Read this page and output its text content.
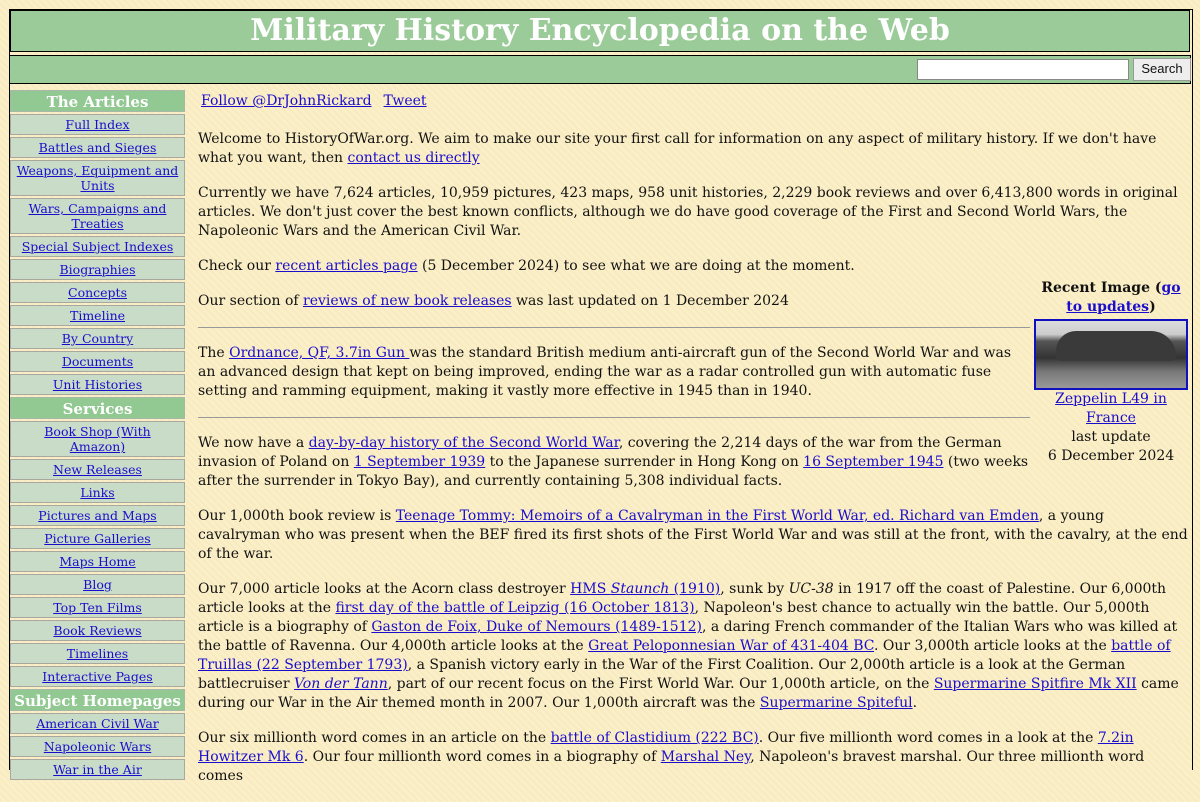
Military History Encyclopedia on the Web
Search
The Articles
Full Index
Battles and Sieges
Weapons, Equipment and Units
Wars, Campaigns and Treaties
Special Subject Indexes
Biographies
Concepts
Timeline
By Country
Documents
Unit Histories
Services
Book Shop (With Amazon)
New Releases
Links
Pictures and Maps
Picture Galleries
Maps Home
Blog
Top Ten Films
Book Reviews
Timelines
Interactive Pages
Subject Homepages
American Civil War
Napoleonic Wars
War in the Air

Follow @DrJohnRickard Tweet

Welcome to HistoryOfWar.org. We aim to make our site your first call for information on any aspect of military history. If we don't have what you want, then contact us directly

Currently we have 7,624 articles, 10,959 pictures, 423 maps, 958 unit histories, 2,229 book reviews and over 6,413,800 words in original articles. We don't just cover the best known conflicts, although we do have good coverage of the First and Second World Wars, the Napoleonic Wars and the American Civil War.

Check our recent articles page (5 December 2024) to see what we are doing at the moment.

Our section of reviews of new book releases was last updated on 1 December 2024

The Ordnance, QF, 3.7in Gun was the standard British medium anti-aircraft gun of the Second World War and was an advanced design that kept on being improved, ending the war as a radar controlled gun with automatic fuse setting and ramming equipment, making it vastly more effective in 1945 than in 1940.

We now have a day-by-day history of the Second World War, covering the 2,214 days of the war from the German invasion of Poland on 1 September 1939 to the Japanese surrender in Hong Kong on 16 September 1945 (two weeks after the surrender in Tokyo Bay), and currently containing 5,308 individual facts.

Our 1,000th book review is Teenage Tommy: Memoirs of a Cavalryman in the First World War, ed. Richard van Emden, a young cavalryman who was present when the BEF fired its first shots of the First World War and was still at the front, with the cavalry, at the end of the war.

Our 7,000 article looks at the Acorn class destroyer HMS Staunch (1910), sunk by UC-38 in 1917 off the coast of Palestine. Our 6,000th article looks at the first day of the battle of Leipzig (16 October 1813), Napoleon's best chance to actually win the battle. Our 5,000th article is a biography of Gaston de Foix, Duke of Nemours (1489-1512), a daring French commander of the Italian Wars who was killed at the battle of Ravenna. Our 4,000th article looks at the Great Peloponnesian War of 431-404 BC. Our 3,000th article looks at the battle of Truillas (22 September 1793), a Spanish victory early in the War of the First Coalition. Our 2,000th article is a look at the German battlecruiser Von der Tann, part of our recent focus on the First World War. Our 1,000th article, on the Supermarine Spitfire Mk XII came during our War in the Air themed month in 2007. Our 1,000th aircraft was the Supermarine Spiteful.

Our six millionth word comes in an article on the battle of Clastidium (222 BC). Our five millionth word comes in a look at the 7.2in Howitzer Mk 6. Our four millionth word comes in a biography of Marshal Ney, Napoleon's bravest marshal. Our three millionth word comes

Recent Image (go to updates)
Zeppelin L49 in France
last update
6 December 2024
